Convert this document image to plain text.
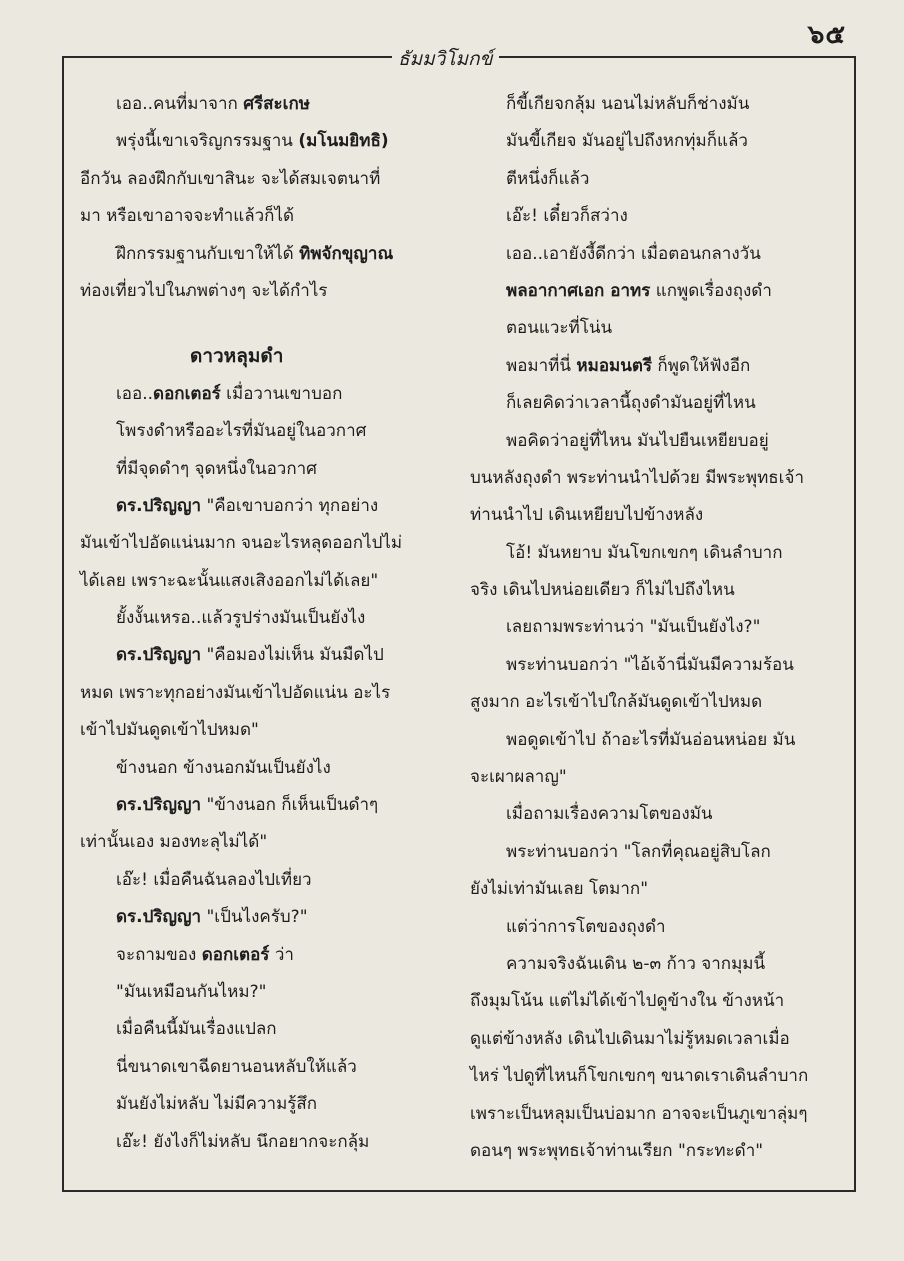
๖๕
ธัมมวิโมกข์
เออ..คนที่มาจาก ศรีสะเกษ
พรุ่งนี้เขาเจริญกรรมฐาน (มโนมยิทธิ)
อีกวัน ลองฝึกกับเขาสินะ จะได้สมเจตนาที่
มา หรือเขาอาจจะทำแล้วก็ได้
ฝึกกรรมฐานกับเขาให้ได้ ทิพจักขุญาณ
ท่องเที่ยวไปในภพต่างๆ จะได้กำไร
ดาวหลุมดำ
เออ..ดอกเตอร์ เมื่อวานเขาบอก
โพรงดำหรืออะไรที่มันอยู่ในอวกาศ
ที่มีจุดดำๆ จุดหนึ่งในอวกาศ
ดร.ปริญญา "คือเขาบอกว่า ทุกอย่าง
มันเข้าไปอัดแน่นมาก จนอะไรหลุดออกไปไม่
ได้เลย เพราะฉะนั้นแสงเสิงออกไม่ได้เลย"
ยั้งงั้นเหรอ..แล้วรูปร่างมันเป็นยังไง
ดร.ปริญญา "คือมองไม่เห็น มันมืดไป
หมด เพราะทุกอย่างมันเข้าไปอัดแน่น อะไร
เข้าไปมันดูดเข้าไปหมด"
ข้างนอก ข้างนอกมันเป็นยังไง
ดร.ปริญญา "ข้างนอก ก็เห็นเป็นดำๆ
เท่านั้นเอง มองทะลุไม่ได้"
เอ๊ะ! เมื่อคืนฉันลองไปเที่ยว
ดร.ปริญญา "เป็นไงครับ?"
จะถามของ ดอกเตอร์ ว่า
"มันเหมือนกันไหม?"
เมื่อคืนนี้มันเรื่องแปลก
นี่ขนาดเขาฉีดยานอนหลับให้แล้ว
มันยังไม่หลับ ไม่มีความรู้สึก
เอ๊ะ! ยังไงก็ไม่หลับ นึกอยากจะกลุ้ม
ก็ขี้เกียจกลุ้ม นอนไม่หลับก็ช่างมัน
มันขี้เกียจ มันอยู่ไปถึงหกทุ่มก็แล้ว
ตีหนึ่งก็แล้ว
เอ๊ะ! เดี๋ยวก็สว่าง
เออ..เอายังงี้ดีกว่า เมื่อตอนกลางวัน
พลอากาศเอก อาทร แกพูดเรื่องถุงดำ
ตอนแวะที่โน่น
พอมาที่นี่ หมอมนตรี ก็พูดให้ฟังอีก
ก็เลยคิดว่าเวลานี้ถุงดำมันอยู่ที่ไหน
พอคิดว่าอยู่ที่ไหน มันไปยืนเหยียบอยู่
บนหลังถุงดำ พระท่านนำไปด้วย มีพระพุทธเจ้า
ท่านนำไป เดินเหยียบไปข้างหลัง
โอ้! มันหยาบ มันโขกเขกๆ เดินลำบาก
จริง เดินไปหน่อยเดียว ก็ไม่ไปถึงไหน
เลยถามพระท่านว่า "มันเป็นยังไง?"
พระท่านบอกว่า "ไอ้เจ้านี่มันมีความร้อน
สูงมาก อะไรเข้าไปใกล้มันดูดเข้าไปหมด
พอดูดเข้าไป ถ้าอะไรที่มันอ่อนหน่อย มัน
จะเผาผลาญ"
เมื่อถามเรื่องความโตของมัน
พระท่านบอกว่า "โลกที่คุณอยู่สิบโลก
ยังไม่เท่ามันเลย โตมาก"
แต่ว่าการโตของถุงดำ
ความจริงฉันเดิน ๒-๓ ก้าว จากมุมนี้
ถึงมุมโน้น แต่ไม่ได้เข้าไปดูข้างใน ข้างหน้า
ดูแต่ข้างหลัง เดินไปเดินมาไม่รู้หมดเวลาเมื่อ
ไหร่ ไปดูที่ไหนก็โขกเขกๆ ขนาดเราเดินลำบาก
เพราะเป็นหลุมเป็นบ่อมาก อาจจะเป็นภูเขาลุ่มๆ
ดอนๆ พระพุทธเจ้าท่านเรียก "กระทะดำ"
